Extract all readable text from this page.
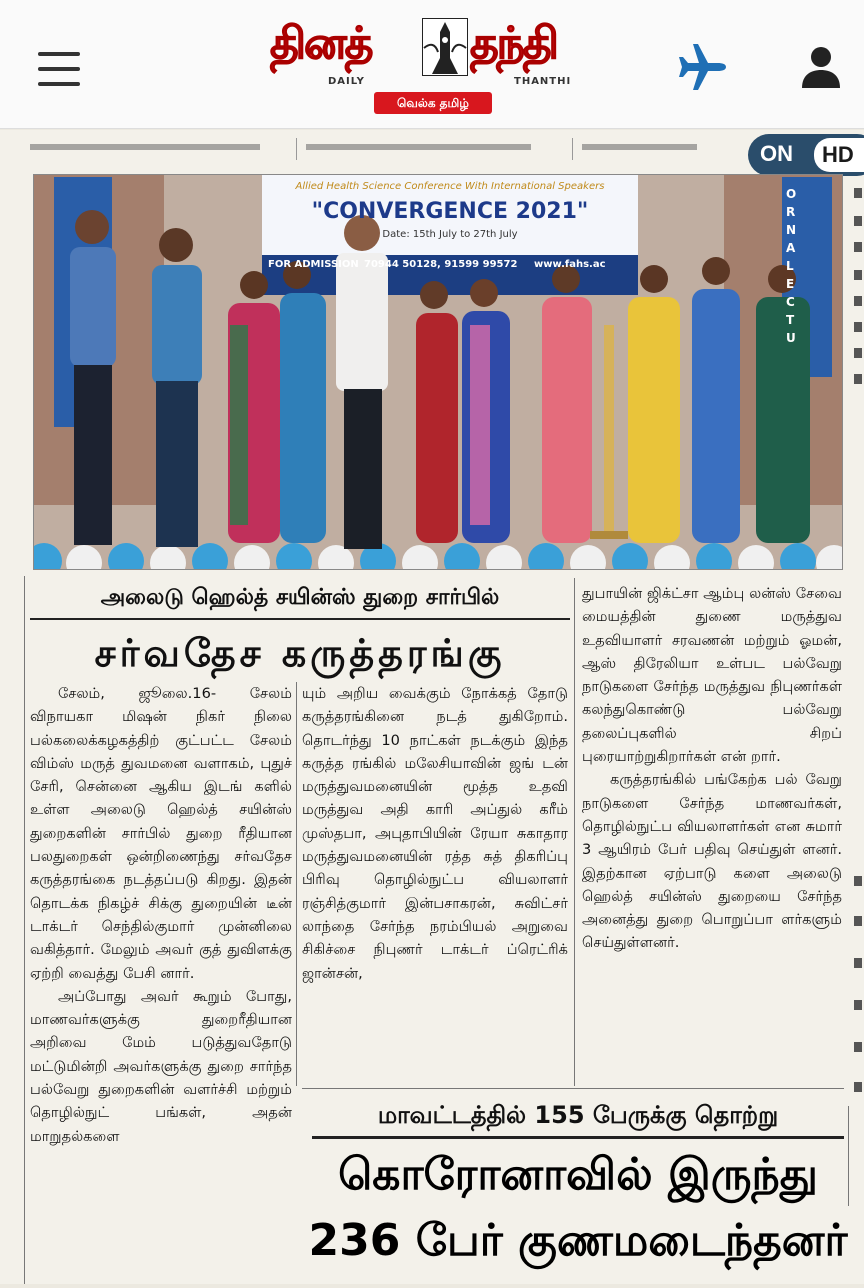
தினத் தந்தி
DAILY	THANTHI
வெல்க தமிழ்
ON	HD
Allied Health Science Conference With International Speakers
"CONVERGENCE 2021"
Date: 15th July to 27th July
FOR ADMISSION 70944 50128, 91599 99572	www.fahs.ac
ORNA LECTU
அலைடு ஹெல்த் சயின்ஸ் துறை சார்பில்
சர்வதேச கருத்தரங்கு

சேலம், ஜூலை.16- சேலம் விநாயகா மிஷன் நிகர் நிலை பல்கலைக்கழகத்திற் குட்பட்ட சேலம் விம்ஸ் மருத் துவமனை வளாகம், புதுச் சேரி, சென்னை ஆகிய இடங் களில் உள்ள அலைடு ஹெல்த் சயின்ஸ் துறைகளின் சார்பில் துறை ரீதியான பலதுறைகள் ஒன்றிணைந்து சர்வதேச கருத்தரங்கை நடத்தப்படு கிறது. இதன் தொடக்க நிகழ்ச் சிக்கு துறையின் டீன் டாக்டர் செந்தில்குமார் முன்னிலை வகித்தார். மேலும் அவர் குத் துவிளக்கு ஏற்றி வைத்து பேசி னார்.

அப்போது அவர் கூறும் போது, மாணவர்களுக்கு துறைரீதியான அறிவை மேம் படுத்துவதோடு மட்டுமின்றி அவர்களுக்கு துறை சார்ந்த பல்வேறு துறைகளின் வளர்ச்சி மற்றும் தொழில்நுட் பங்கள், அதன் மாறுதல்களை

யும் அறிய வைக்கும் நோக்கத் தோடு கருத்தரங்கினை நடத் துகிறோம். தொடர்ந்து 10 நாட்கள் நடக்கும் இந்த கருத்த ரங்கில் மலேசியாவின் ஜங் டன் மருத்துவமனையின் மூத்த உதவி மருத்துவ அதி காரி அப்துல் கரீம் முஸ்தபா, அபுதாபியின் ரேயா சுகாதார மருத்துவமனையின் ரத்த சுத் திகரிப்பு பிரிவு தொழில்நுட்ப வியலாளர் ரஞ்சித்குமார் இன்பசாகரன், சுவிட்சர் லாந்தை சேர்ந்த நரம்பியல் அறுவை சிகிச்சை நிபுணர் டாக்டர் ப்ரெட்ரிக் ஜான்சன்,

துபாயின் ஜிக்ட்சா ஆம்பு லன்ஸ் சேவை மையத்தின் துணை மருத்துவ உதவியாளர் சரவணன் மற்றும் ஓமன், ஆஸ் திரேலியா உள்பட பல்வேறு நாடுகளை சேர்ந்த மருத்துவ நிபுணர்கள் கலந்துகொண்டு பல்வேறு தலைப்புகளில் சிறப் புரையாற்றுகிறார்கள் என் றார்.

கருத்தரங்கில் பங்கேற்க பல் வேறு நாடுகளை சேர்ந்த மாணவர்கள், தொழில்நுட்ப வியலாளர்கள் என சுமார் 3 ஆயிரம் பேர் பதிவு செய்துள் ளனர். இதற்கான ஏற்பாடு களை அலைடு ஹெல்த் சயின்ஸ் துறையை சேர்ந்த அனைத்து துறை பொறுப்பா ளர்களும் செய்துள்ளனர்.

மாவட்டத்தில் 155 பேருக்கு தொற்று
கொரோனாவில் இருந்து
236 பேர் குணமடைந்தனர்
